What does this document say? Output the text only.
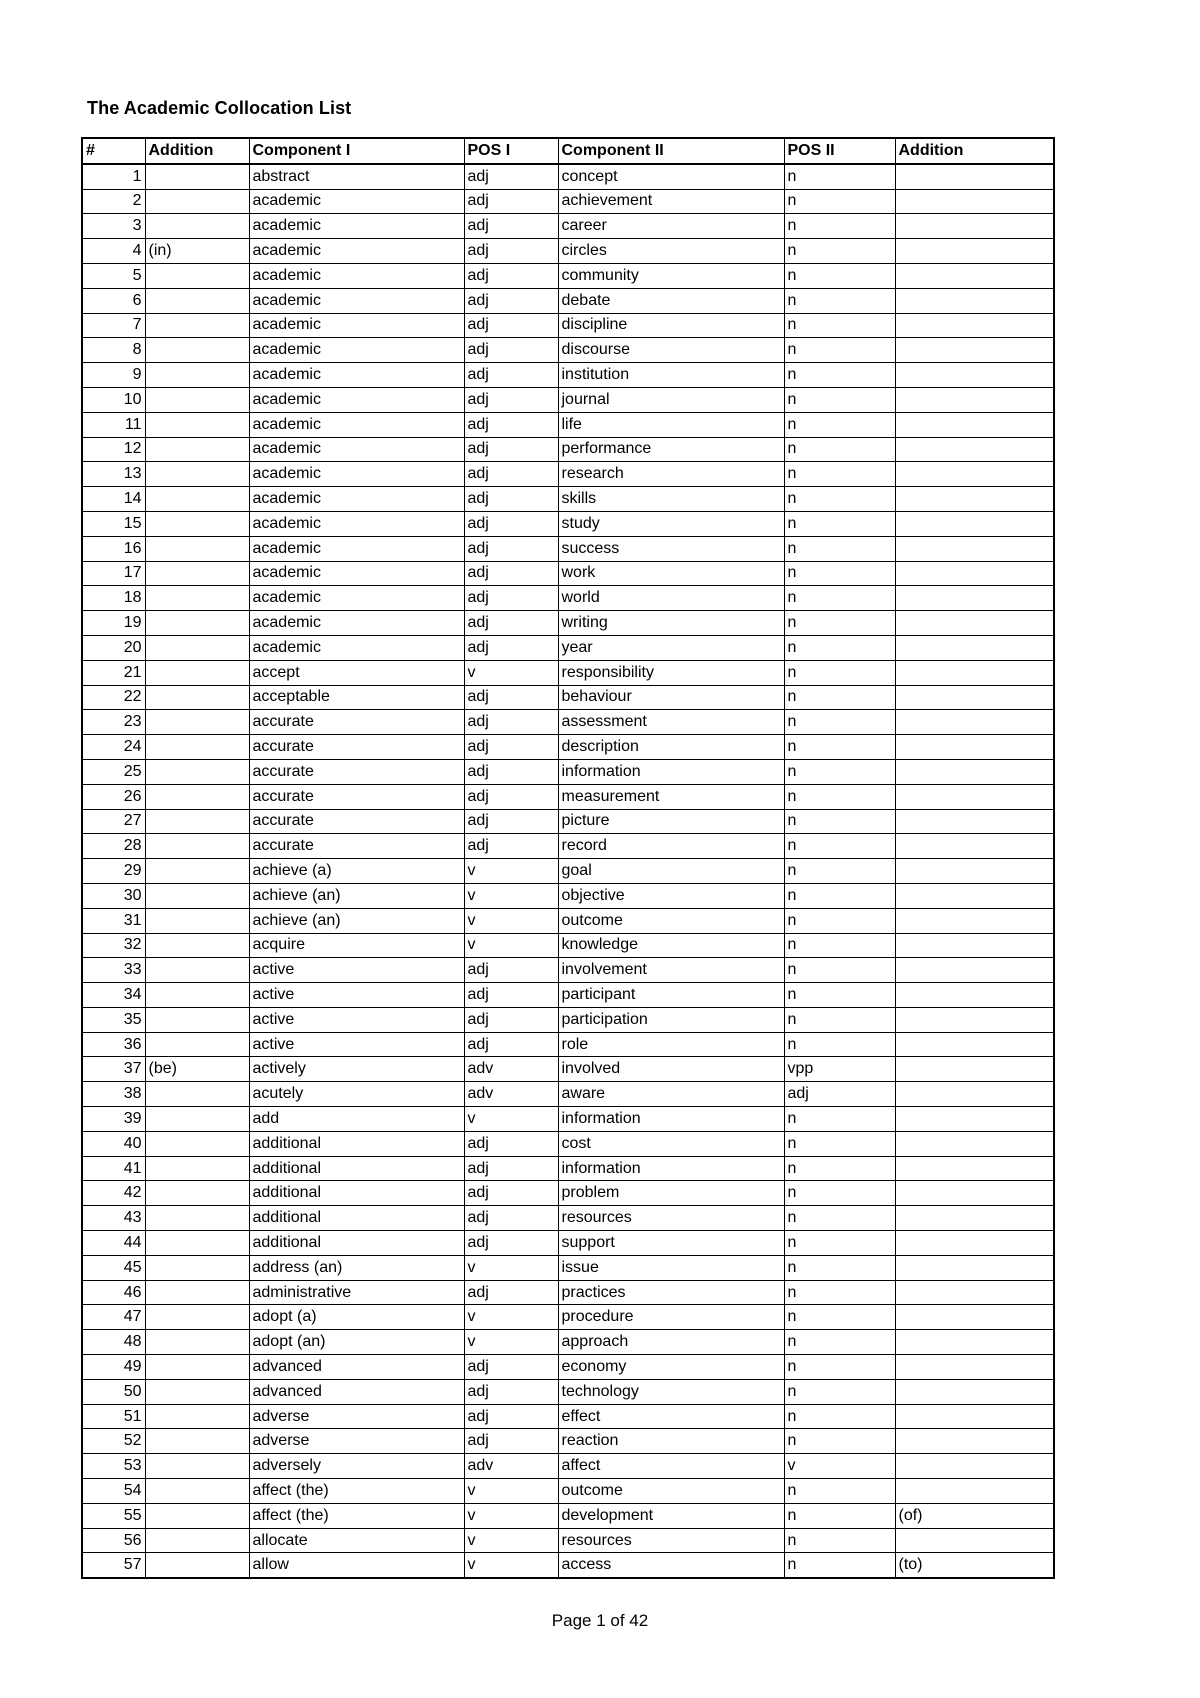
The Academic Collocation List
#	Addition	Component I	POS I	Component II	POS II	Addition
1		abstract	adj	concept	n	
2		academic	adj	achievement	n	
3		academic	adj	career	n	
4	(in)	academic	adj	circles	n	
5		academic	adj	community	n	
6		academic	adj	debate	n	
7		academic	adj	discipline	n	
8		academic	adj	discourse	n	
9		academic	adj	institution	n	
10		academic	adj	journal	n	
11		academic	adj	life	n	
12		academic	adj	performance	n	
13		academic	adj	research	n	
14		academic	adj	skills	n	
15		academic	adj	study	n	
16		academic	adj	success	n	
17		academic	adj	work	n	
18		academic	adj	world	n	
19		academic	adj	writing	n	
20		academic	adj	year	n	
21		accept	v	responsibility	n	
22		acceptable	adj	behaviour	n	
23		accurate	adj	assessment	n	
24		accurate	adj	description	n	
25		accurate	adj	information	n	
26		accurate	adj	measurement	n	
27		accurate	adj	picture	n	
28		accurate	adj	record	n	
29		achieve (a)	v	goal	n	
30		achieve (an)	v	objective	n	
31		achieve (an)	v	outcome	n	
32		acquire	v	knowledge	n	
33		active	adj	involvement	n	
34		active	adj	participant	n	
35		active	adj	participation	n	
36		active	adj	role	n	
37	(be)	actively	adv	involved	vpp	
38		acutely	adv	aware	adj	
39		add	v	information	n	
40		additional	adj	cost	n	
41		additional	adj	information	n	
42		additional	adj	problem	n	
43		additional	adj	resources	n	
44		additional	adj	support	n	
45		address (an)	v	issue	n	
46		administrative	adj	practices	n	
47		adopt (a)	v	procedure	n	
48		adopt (an)	v	approach	n	
49		advanced	adj	economy	n	
50		advanced	adj	technology	n	
51		adverse	adj	effect	n	
52		adverse	adj	reaction	n	
53		adversely	adv	affect	v	
54		affect (the)	v	outcome	n	
55		affect (the)	v	development	n	(of)
56		allocate	v	resources	n	
57		allow	v	access	n	(to)
Page 1 of 42
